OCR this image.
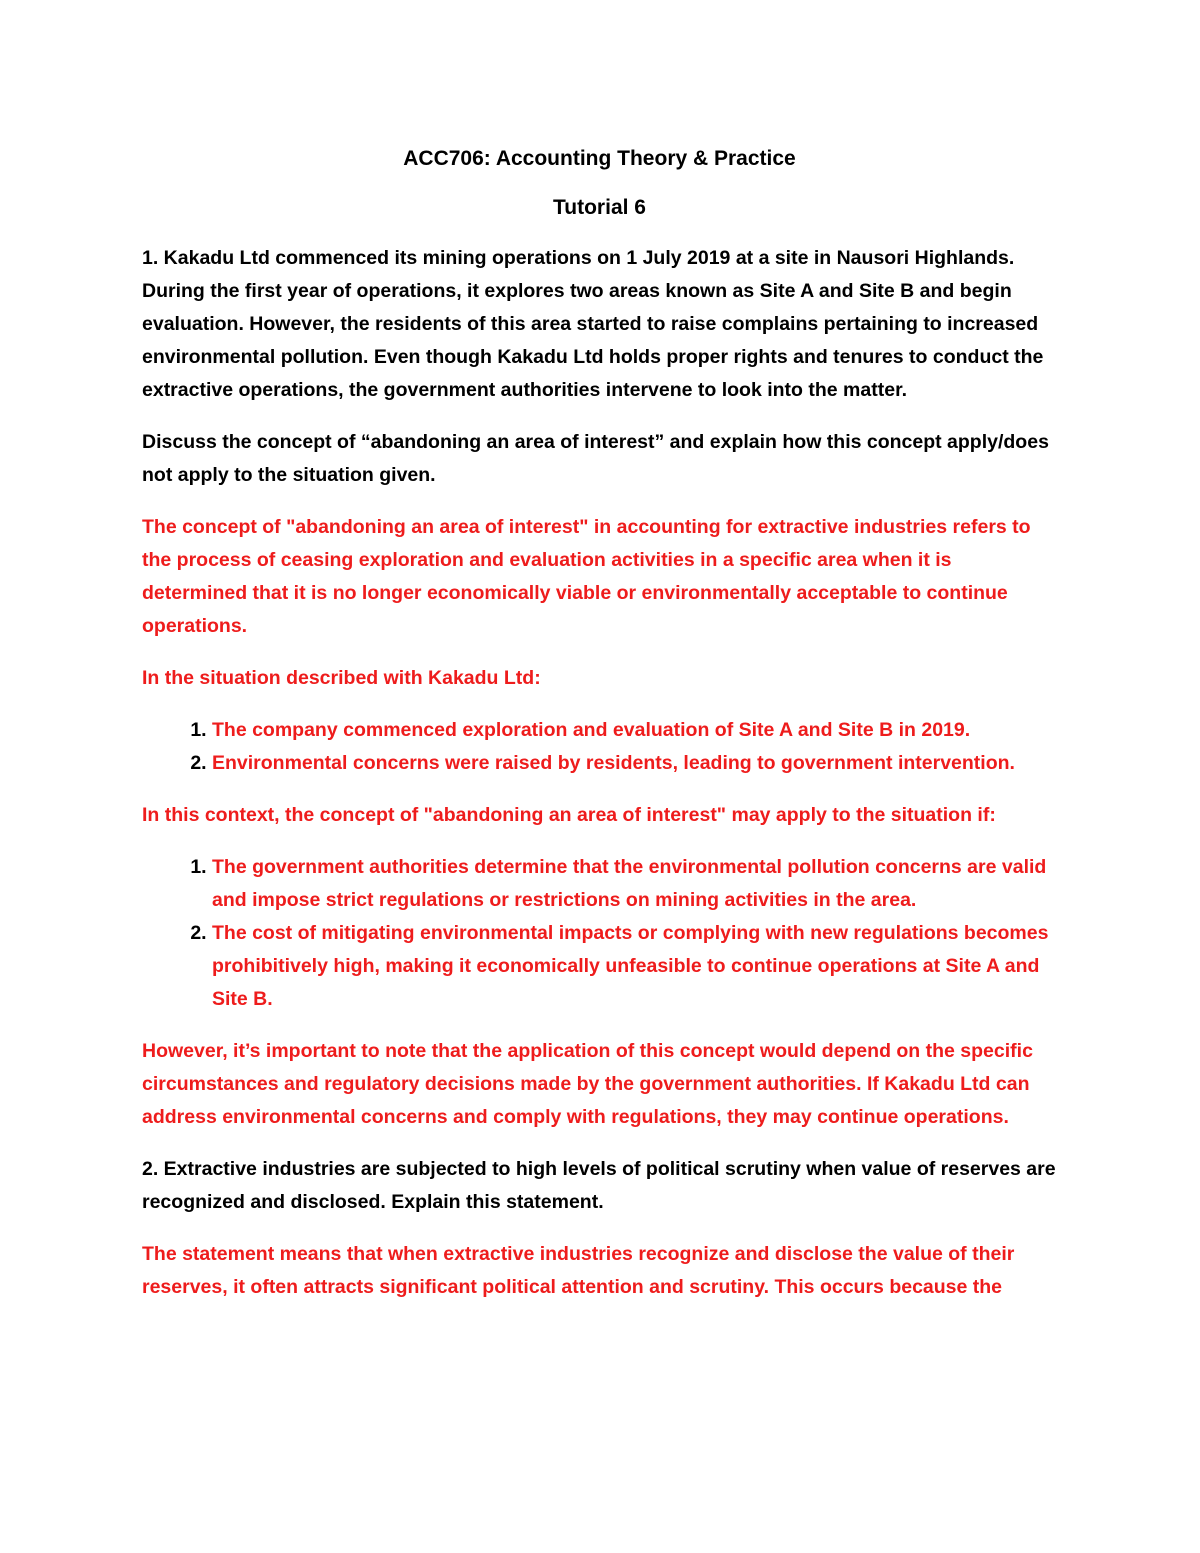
ACC706: Accounting Theory & Practice
Tutorial 6

1. Kakadu Ltd commenced its mining operations on 1 July 2019 at a site in Nausori Highlands. During the first year of operations, it explores two areas known as Site A and Site B and begin evaluation. However, the residents of this area started to raise complains pertaining to increased environmental pollution. Even though Kakadu Ltd holds proper rights and tenures to conduct the extractive operations, the government authorities intervene to look into the matter.

Discuss the concept of “abandoning an area of interest” and explain how this concept apply/does not apply to the situation given.

The concept of "abandoning an area of interest" in accounting for extractive industries refers to the process of ceasing exploration and evaluation activities in a specific area when it is determined that it is no longer economically viable or environmentally acceptable to continue operations.

In the situation described with Kakadu Ltd:

1. The company commenced exploration and evaluation of Site A and Site B in 2019.
2. Environmental concerns were raised by residents, leading to government intervention.

In this context, the concept of "abandoning an area of interest" may apply to the situation if:

1. The government authorities determine that the environmental pollution concerns are valid and impose strict regulations or restrictions on mining activities in the area.
2. The cost of mitigating environmental impacts or complying with new regulations becomes prohibitively high, making it economically unfeasible to continue operations at Site A and Site B.

However, it’s important to note that the application of this concept would depend on the specific circumstances and regulatory decisions made by the government authorities. If Kakadu Ltd can address environmental concerns and comply with regulations, they may continue operations.

2. Extractive industries are subjected to high levels of political scrutiny when value of reserves are recognized and disclosed. Explain this statement.

The statement means that when extractive industries recognize and disclose the value of their reserves, it often attracts significant political attention and scrutiny. This occurs because the
